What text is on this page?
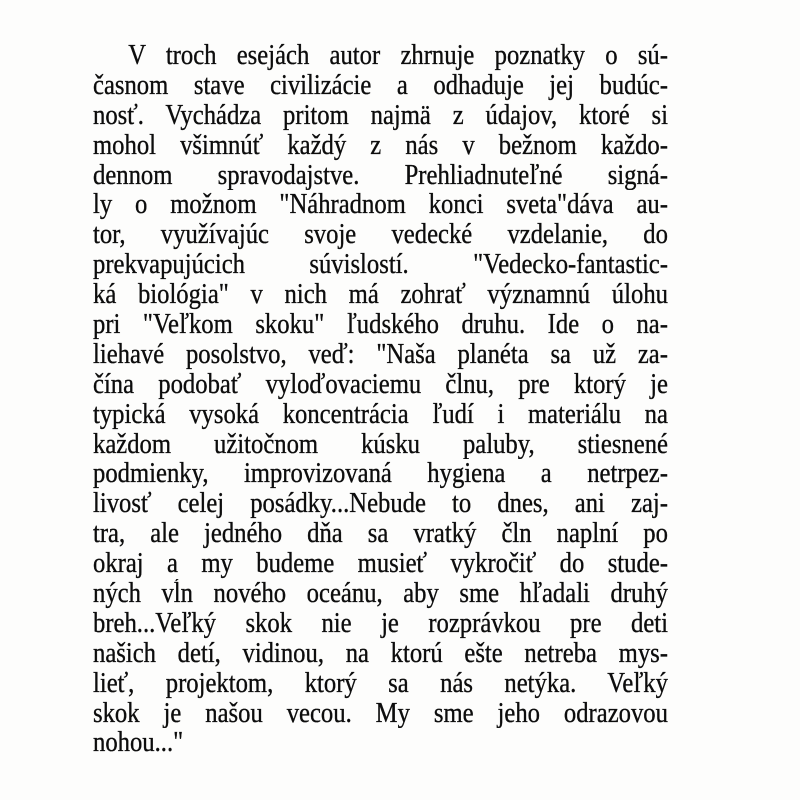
V troch esejách autor zhrnuje poznatky o sú-
časnom stave civilizácie a odhaduje jej budúc-
nosť. Vychádza pritom najmä z údajov, ktoré si
mohol všimnúť každý z nás v bežnom každo-
dennom spravodajstve. Prehliadnuteľné signá-
ly o možnom "Náhradnom konci sveta"dáva au-
tor, využívajúc svoje vedecké vzdelanie, do
prekvapujúcich súvislostí. "Vedecko-fantastic-
ká biológia" v nich má zohrať významnú úlohu
pri "Veľkom skoku" ľudského druhu. Ide o na-
liehavé posolstvo, veď: "Naša planéta sa už za-
čína podobať vyloďovaciemu člnu, pre ktorý je
typická vysoká koncentrácia ľudí i materiálu na
každom užitočnom kúsku paluby, stiesnené
podmienky, improvizovaná hygiena a netrpez-
livosť celej posádky...Nebude to dnes, ani zaj-
tra, ale jedného dňa sa vratký čln naplní po
okraj a my budeme musieť vykročiť do stude-
ných vĺn nového oceánu, aby sme hľadali druhý
breh...Veľký skok nie je rozprávkou pre deti
našich detí, vidinou, na ktorú ešte netreba mys-
lieť, projektom, ktorý sa nás netýka. Veľký
skok je našou vecou. My sme jeho odrazovou
nohou..."
